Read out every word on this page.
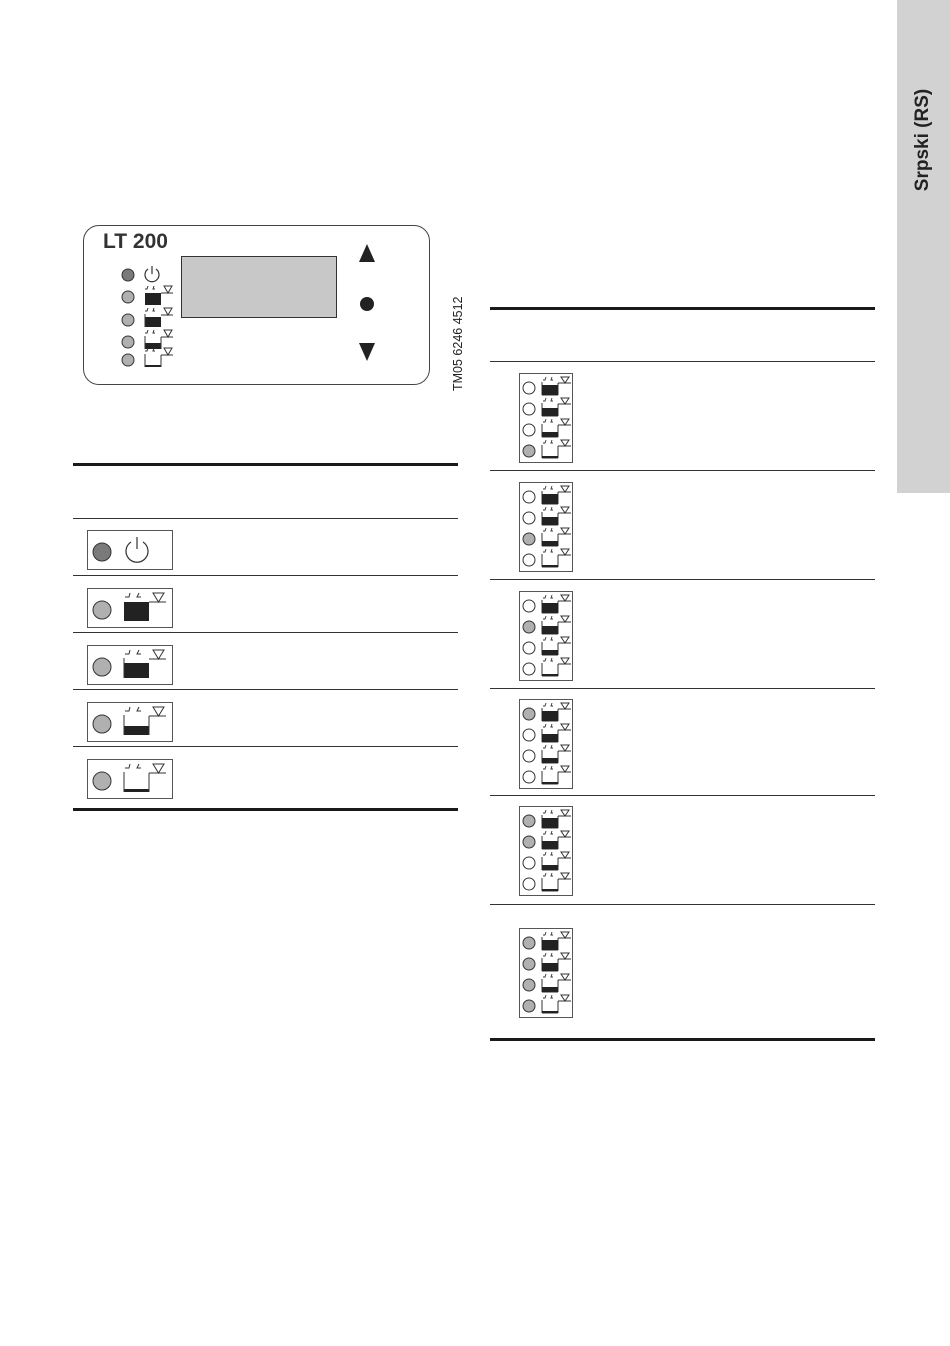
Srpski (RS)
LT 200
TM05 6246 4512
